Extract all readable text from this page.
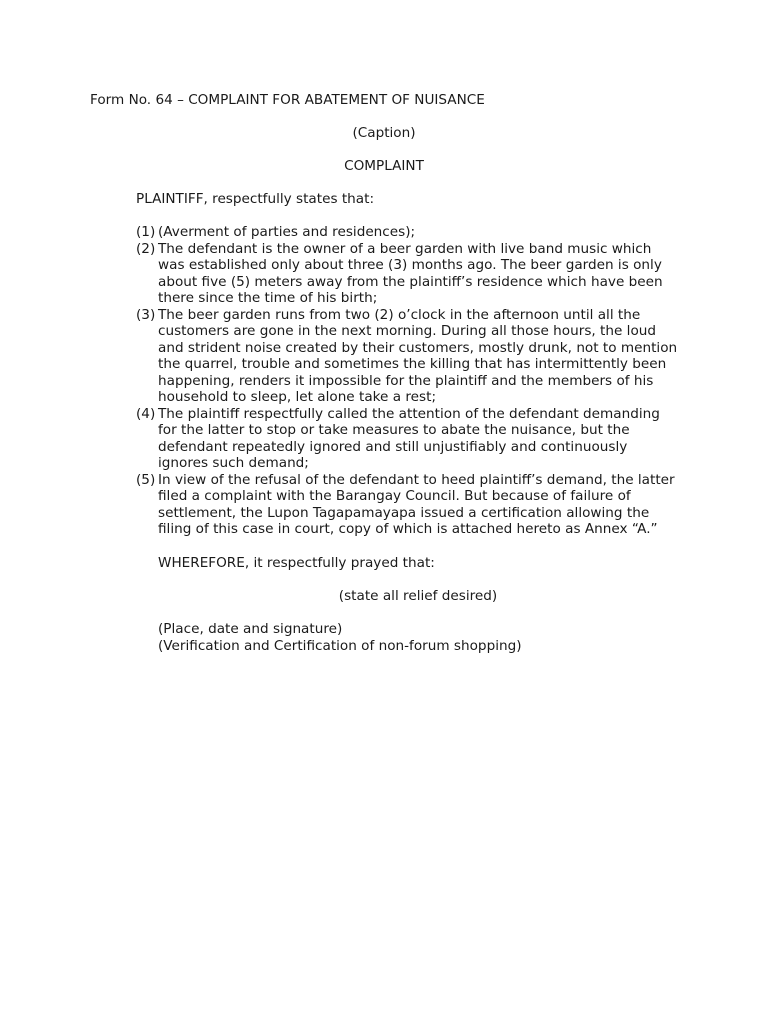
Form No. 64 – COMPLAINT FOR ABATEMENT OF NUISANCE
(Caption)
COMPLAINT
PLAINTIFF, respectfully states that:
(1) (Averment of parties and residences);
(2) The defendant is the owner of a beer garden with live band music which was established only about three (3) months ago. The beer garden is only about five (5) meters away from the plaintiff’s residence which have been there since the time of his birth;
(3) The beer garden runs from two (2) o’clock in the afternoon until all the customers are gone in the next morning. During all those hours, the loud and strident noise created by their customers, mostly drunk, not to mention the quarrel, trouble and sometimes the killing that has intermittently been happening, renders it impossible for the plaintiff and the members of his household to sleep, let alone take a rest;
(4) The plaintiff respectfully called the attention of the defendant demanding for the latter to stop or take measures to abate the nuisance, but the defendant repeatedly ignored and still unjustifiably and continuously ignores such demand;
(5) In view of the refusal of the defendant to heed plaintiff’s demand, the latter filed a complaint with the Barangay Council. But because of failure of settlement, the Lupon Tagapamayapa issued a certification allowing the filing of this case in court, copy of which is attached hereto as Annex “A.”
WHEREFORE, it respectfully prayed that:
(state all relief desired)
(Place, date and signature)
(Verification and Certification of non-forum shopping)
